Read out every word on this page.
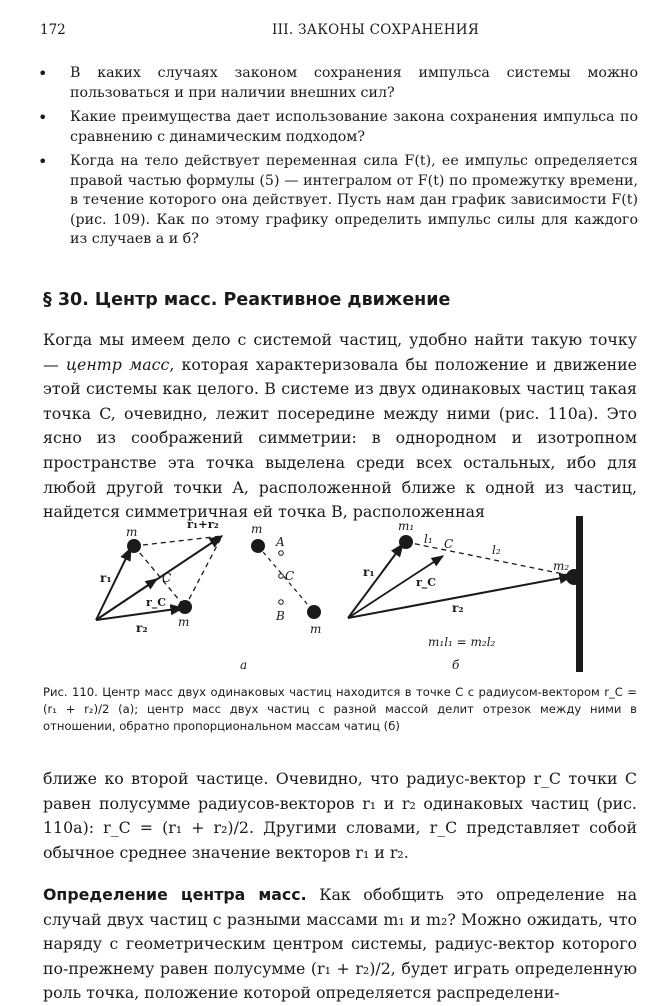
172	III. ЗАКОНЫ СОХРАНЕНИЯ
• В каких случаях законом сохранения импульса системы можно пользоваться и при наличии внешних сил?
• Какие преимущества дает использование закона сохранения импульса по сравнению с динамическим подходом?
• Когда на тело действует переменная сила F(t), ее импульс определяется правой частью формулы (5) — интегралом от F(t) по промежутку времени, в течение которого она действует. Пусть нам дан график зависимости F(t) (рис. 109). Как по этому графику определить импульс силы для каждого из случаев а и б?
§ 30. Центр масс. Реактивное движение

Когда мы имеем дело с системой частиц, удобно найти такую точку — центр масс, которая характеризовала бы положение и движение этой системы как целого. В системе из двух одинаковых частиц такая точка C, очевидно, лежит посередине между ними (рис. 110а). Это ясно из соображений симметрии: в однородном и изотропном пространстве эта точка выделена среди всех остальных, ибо для любой другой точки A, расположенной ближе к одной из частиц, найдется симметричная ей точка B, расположенная

m
m
r₁
r₂
r_C
r₁+r₂
C
m
m
A
C
B
а
m₁
m₂
l₁
l₂
C
r₁
r₂
r_C
m₁l₁ = m₂l₂
б

Рис. 110. Центр масс двух одинаковых частиц находится в точке C с радиусом-вектором r_C = (r₁ + r₂)/2 (а); центр масс двух частиц с разной массой делит отрезок между ними в отношении, обратно пропорциональном массам чатиц (б)

ближе ко второй частице. Очевидно, что радиус-вектор r_C точки C равен полусумме радиусов-векторов r₁ и r₂ одинаковых частиц (рис. 110а): r_C = (r₁ + r₂)/2. Другими словами, r_C представляет собой обычное среднее значение векторов r₁ и r₂.

Определение центра масс. Как обобщить это определение на случай двух частиц с разными массами m₁ и m₂? Можно ожидать, что наряду с геометрическим центром системы, радиус-вектор которого по-прежнему равен полусумме (r₁ + r₂)/2, будет играть определенную роль точка, положение которой определяется распределени-
